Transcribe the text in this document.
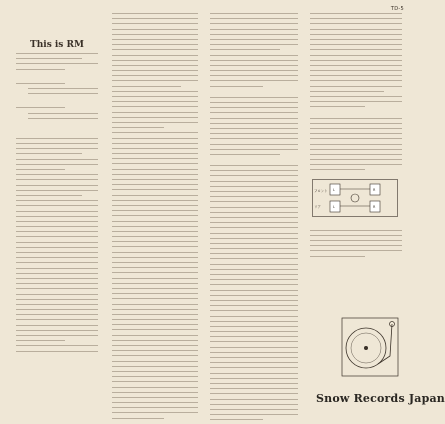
TD-5
This is RM
フロント
リア
L	R
L	R
Snow Records Japan
